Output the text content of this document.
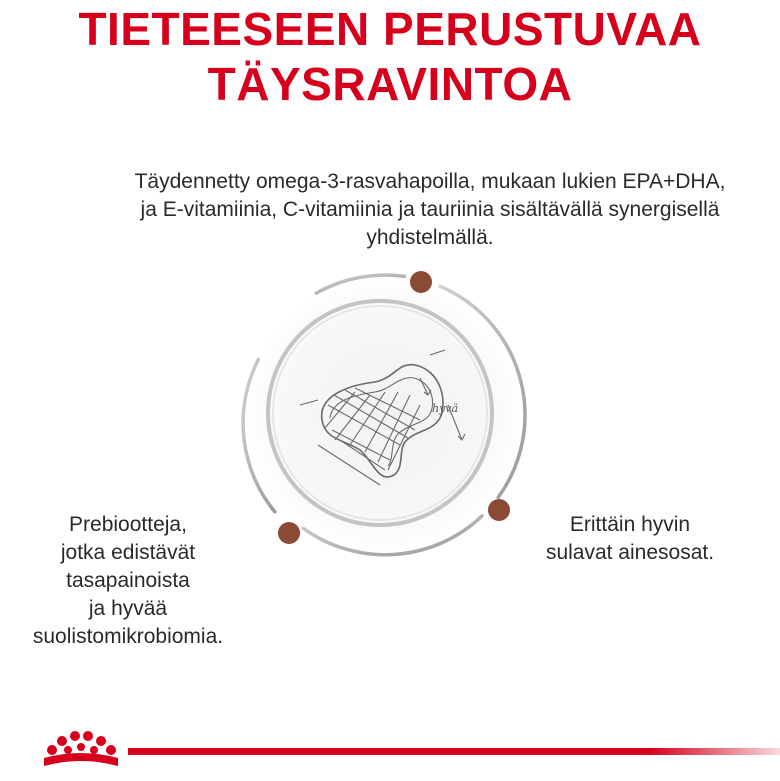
TIETEESEEN PERUSTUVAA
TÄYSRAVINTOA
Täydennetty omega-3-rasvahapoilla, mukaan lukien EPA+DHA,
ja E-vitamiinia, C-vitamiinia ja tauriinia sisältävällä synergisellä
yhdistelmällä.
hyvä
Prebiootteja,
jotka edistävät
tasapainoista
ja hyvää
suolistomikrobiomia.
Erittäin hyvin
sulavat ainesosat.
